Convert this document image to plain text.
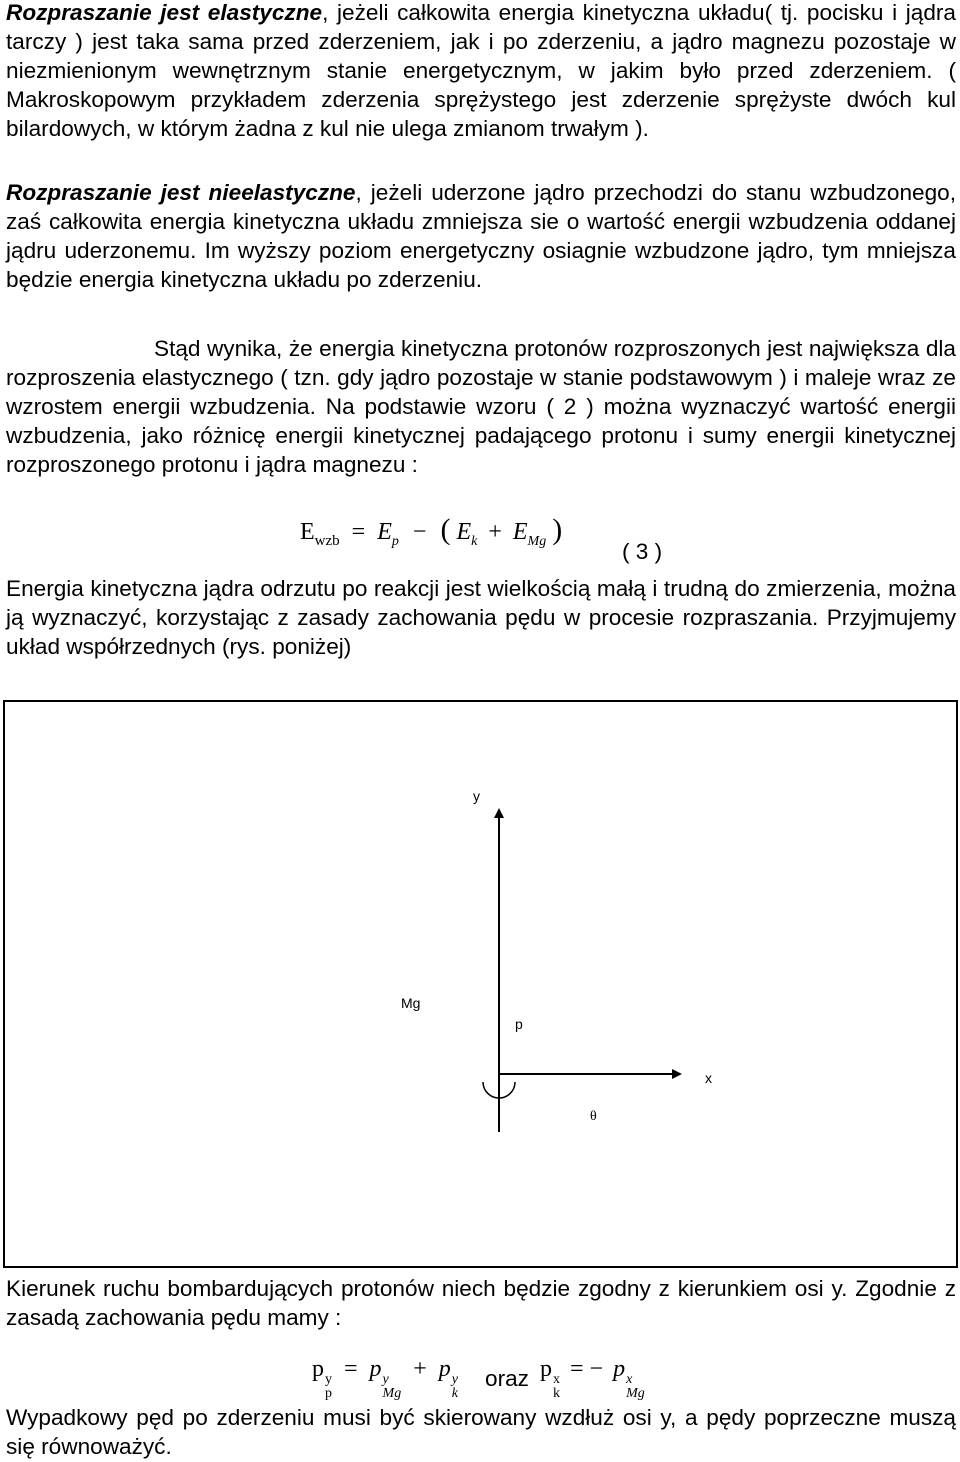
Rozpraszanie jest elastyczne, jeżeli całkowita energia kinetyczna układu( tj. pocisku i jądra tarczy ) jest taka sama przed zderzeniem, jak i po zderzeniu, a jądro magnezu pozostaje w niezmienionym wewnętrznym stanie energetycznym, w jakim było przed zderzeniem. ( Makroskopowym przykładem zderzenia sprężystego jest zderzenie sprężyste dwóch kul bilardowych, w którym żadna z kul nie ulega zmianom trwałym ).

Rozpraszanie jest nieelastyczne, jeżeli uderzone jądro przechodzi do stanu wzbudzonego, zaś całkowita energia kinetyczna układu zmniejsza sie o wartość energii wzbudzenia oddanej jądru uderzonemu. Im wyższy poziom energetyczny osiagnie wzbudzone jądro, tym mniejsza będzie energia kinetyczna układu po zderzeniu.

Stąd wynika, że energia kinetyczna protonów rozproszonych jest największa dla rozproszenia elastycznego ( tzn. gdy jądro pozostaje w stanie podstawowym ) i maleje wraz ze wzrostem energii wzbudzenia. Na podstawie wzoru ( 2 ) można wyznaczyć wartość energii wzbudzenia, jako różnicę energii kinetycznej padającego protonu i sumy energii kinetycznej rozproszonego protonu i jądra magnezu :

$E_{wzb} = E_p$ − ( $E_k + E_{Mg}$ )
( 3 )

Energia kinetyczna jądra odrzutu po reakcji jest wielkością małą i trudną do zmierzenia, można ją wyznaczyć, korzystając z zasady zachowania pędu w procesie rozpraszania. Przyjmujemy układ współrzednych (rys. poniżej)

y
Mg
p
x
θ

Kierunek ruchu bombardujących protonów niech będzie zgodny z kierunkiem osi y. Zgodnie z zasadą zachowania pędu mamy :

p y
p
= p y
Mg
+ p y
k
oraz p x
k
= − p x
Mg

Wypadkowy pęd po zderzeniu musi być skierowany wzdłuż osi y, a pędy poprzeczne muszą się równoważyć.
